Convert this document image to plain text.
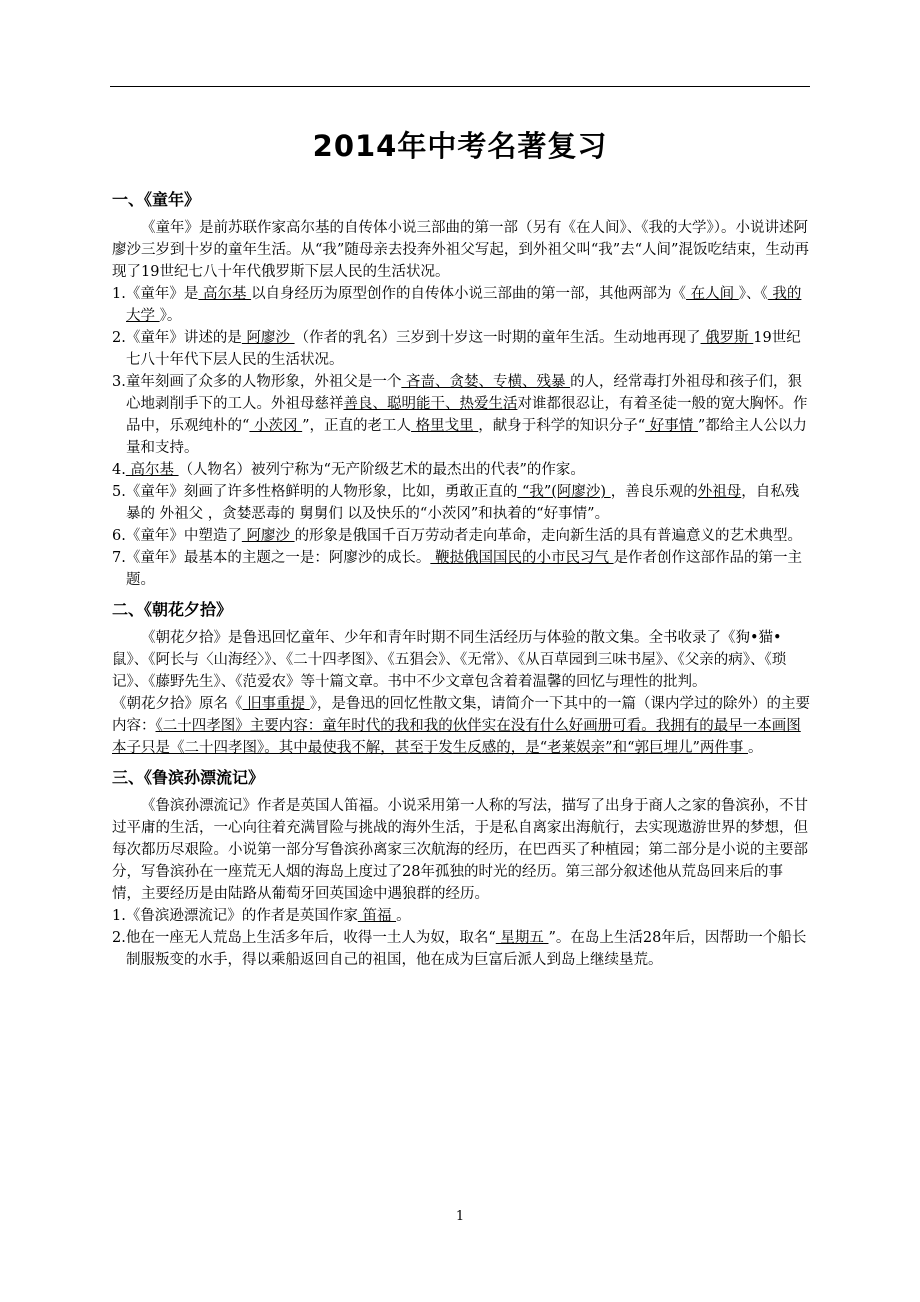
2014年中考名著复习
一、《童年》

《童年》是前苏联作家高尔基的自传体小说三部曲的第一部（另有《在人间》、《我的大学》）。小说讲述阿廖沙三岁到十岁的童年生活。从“我”随母亲去投奔外祖父写起，到外祖父叫“我”去“人间”混饭吃结束，生动再现了19世纪七八十年代俄罗斯下层人民的生活状况。

1.《童年》是 高尔基 以自身经历为原型创作的自传体小说三部曲的第一部，其他两部为《 在人间 》、《 我的大学 》。

2.《童年》讲述的是 阿廖沙 （作者的乳名）三岁到十岁这一时期的童年生活。生动地再现了 俄罗斯 19世纪七八十年代下层人民的生活状况。

3.童年刻画了众多的人物形象，外祖父是一个 吝啬、贪婪、专横、残暴 的人，经常毒打外祖母和孩子们，狠心地剥削手下的工人。外祖母慈祥善良、聪明能干、热爱生活对谁都很忍让，有着圣徒一般的宽大胸怀。作品中，乐观纯朴的“ 小茨冈 ”，正直的老工人 格里戈里 ，献身于科学的知识分子“ 好事情 ”都给主人公以力量和支持。

4. 高尔基 （人物名）被列宁称为“无产阶级艺术的最杰出的代表”的作家。

5.《童年》刻画了许多性格鲜明的人物形象，比如，勇敢正直的 “我”(阿廖沙) ，善良乐观的外祖母，自私残暴的 外祖父 ，贪婪恶毒的 舅舅们 以及快乐的“小茨冈”和执着的“好事情”。

6.《童年》中塑造了 阿廖沙 的形象是俄国千百万劳动者走向革命，走向新生活的具有普遍意义的艺术典型。

7.《童年》最基本的主题之一是：阿廖沙的成长。 鞭挞俄国国民的小市民习气 是作者创作这部作品的第一主题。

二、《朝花夕拾》

《朝花夕拾》是鲁迅回忆童年、少年和青年时期不同生活经历与体验的散文集。全书收录了《狗•猫•鼠》、《阿长与〈山海经〉》、《二十四孝图》、《五猖会》、《无常》、《从百草园到三味书屋》、《父亲的病》、《琐记》、《藤野先生》、《范爱农》等十篇文章。书中不少文章包含着着温馨的回忆与理性的批判。

《朝花夕拾》原名《 旧事重提 》，是鲁迅的回忆性散文集，请简介一下其中的一篇（课内学过的除外）的主要内容：《二十四孝图》主要内容：童年时代的我和我的伙伴实在没有什么好画册可看。我拥有的最早一本画图本子只是《二十四孝图》。其中最使我不解，甚至于发生反感的，是“老莱娱亲”和“郭巨埋儿”两件事 。

三、《鲁滨孙漂流记》

《鲁滨孙漂流记》作者是英国人笛福。小说采用第一人称的写法，描写了出身于商人之家的鲁滨孙，不甘过平庸的生活，一心向往着充满冒险与挑战的海外生活，于是私自离家出海航行，去实现遨游世界的梦想，但每次都历尽艰险。小说第一部分写鲁滨孙离家三次航海的经历，在巴西买了种植园；第二部分是小说的主要部分，写鲁滨孙在一座荒无人烟的海岛上度过了28年孤独的时光的经历。第三部分叙述他从荒岛回来后的事情，主要经历是由陆路从葡萄牙回英国途中遇狼群的经历。

1.《鲁滨逊漂流记》的作者是英国作家 笛福 。

2.他在一座无人荒岛上生活多年后，收得一土人为奴，取名“ 星期五 ”。在岛上生活28年后，因帮助一个船长制服叛变的水手，得以乘船返回自己的祖国，他在成为巨富后派人到岛上继续垦荒。

1
